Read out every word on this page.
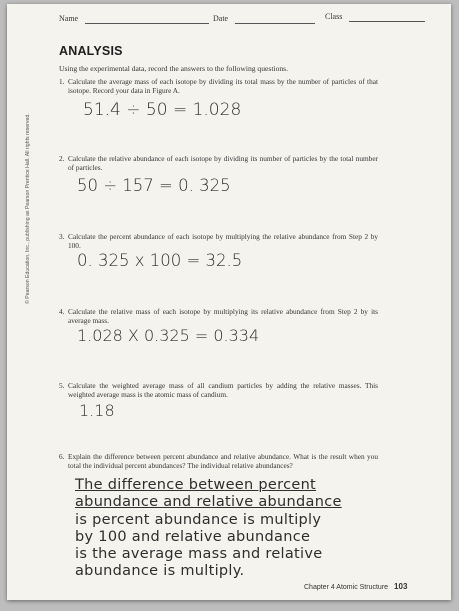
Name	Date	Class
ANALYSIS
Using the experimental data, record the answers to the following questions.
1. Calculate the average mass of each isotope by dividing its total mass by the number of particles of that isotope. Record your data in Figure A.
51.4 ÷ 50 = 1.028
2. Calculate the relative abundance of each isotope by dividing its number of particles by the total number of particles.
50 ÷ 157 = 0. 325
3. Calculate the percent abundance of each isotope by multiplying the relative abundance from Step 2 by 100.
0. 325 x 100 = 32.5
4. Calculate the relative mass of each isotope by multiplying its relative abundance from Step 2 by its average mass.
1.028 X 0.325 = 0.334
5. Calculate the weighted average mass of all candium particles by adding the relative masses. This weighted average mass is the atomic mass of candium.
1.18
6. Explain the difference between percent abundance and relative abundance. What is the result when you total the individual percent abundances? The individual relative abundances?
The difference between percent
abundance and relative abundance
is percent abundance is multiply
by 100 and relative abundance
is the average mass and relative
abundance is multiply.
Chapter 4 Atomic Structure 103
© Pearson Education, Inc., publishing as Pearson Prentice Hall. All rights reserved.
